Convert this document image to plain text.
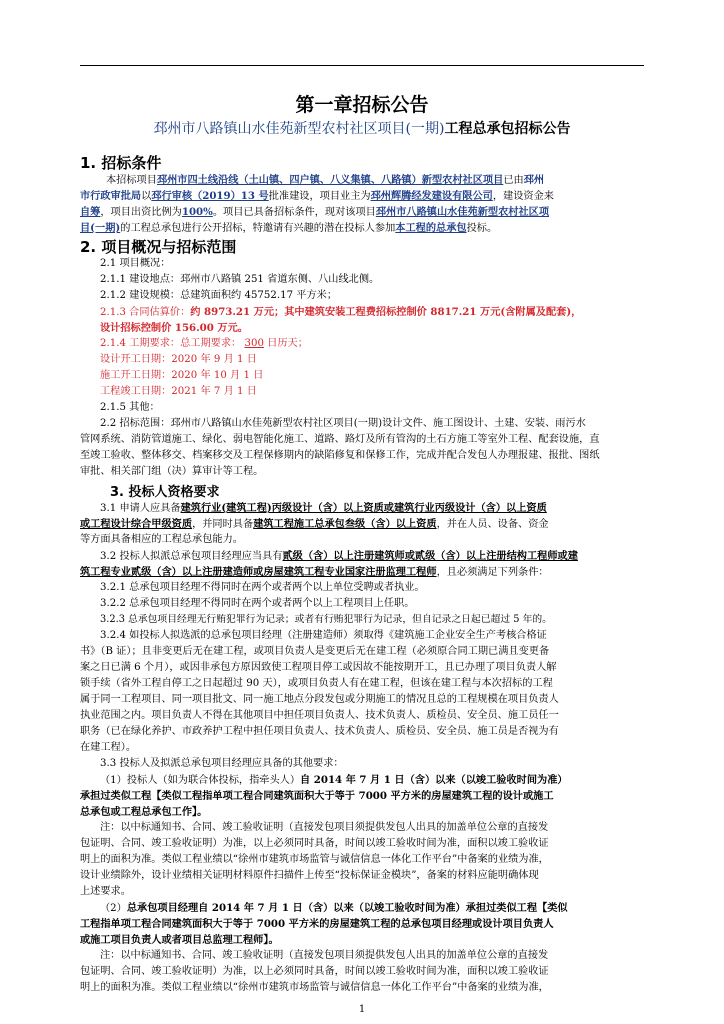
第一章招标公告
邳州市八路镇山水佳苑新型农村社区项目(一期)工程总承包招标公告
1. 招标条件
本招标项目邳州市四土线沿线（土山镇、四户镇、八义集镇、八路镇）新型农村社区项目已由邳州
市行政审批局以邳行审核（2019）13 号批准建设，项目业主为邳州辉腾经发建设有限公司，建设资金来
自筹，项目出资比例为100%。项目已具备招标条件，现对该项目邳州市八路镇山水佳苑新型农村社区项
目(一期)的工程总承包进行公开招标，特邀请有兴趣的潜在投标人参加本工程的总承包投标。
2. 项目概况与招标范围
2.1 项目概况：
2.1.1 建设地点：邳州市八路镇 251 省道东侧、八山线北侧。
2.1.2 建设规模：总建筑面积约 45752.17 平方米；
2.1.3 合同估算价：约 8973.21 万元；其中建筑安装工程费招标控制价 8817.21 万元(含附属及配套)，
设计招标控制价 156.00 万元。
2.1.4 工期要求：总工期要求： 300 日历天；
设计开工日期：2020 年 9 月 1 日
施工开工日期：2020 年 10 月 1 日
工程竣工日期：2021 年 7 月 1 日
2.1.5 其他：
2.2 招标范围：邳州市八路镇山水佳苑新型农村社区项目(一期)设计文件、施工图设计、土建、安装、雨污水
管网系统、消防管道施工、绿化、弱电智能化施工、道路、路灯及所有管沟的土石方施工等室外工程、配套设施，直
至竣工验收、整体移交、档案移交及工程保修期内的缺陷修复和保修工作，完成并配合发包人办理报建、报批、图纸
审批、相关部门组（决）算审计等工程。
3. 投标人资格要求
3.1 申请人应具备建筑行业(建筑工程)丙级设计（含）以上资质或建筑行业丙级设计（含）以上资质
或工程设计综合甲级资质，并同时具备建筑工程施工总承包叁级（含）以上资质，并在人员、设备、资金
等方面具备相应的工程总承包能力。
3.2 投标人拟派总承包项目经理应当具有贰级（含）以上注册建筑师或贰级（含）以上注册结构工程师或建
筑工程专业贰级（含）以上注册建造师或房屋建筑工程专业国家注册监理工程师，且必须满足下列条件：
3.2.1 总承包项目经理不得同时在两个或者两个以上单位受聘或者执业。
3.2.2 总承包项目经理不得同时在两个或者两个以上工程项目上任职。
3.2.3 总承包项目经理无行贿犯罪行为记录；或者有行贿犯罪行为记录，但自记录之日起已超过 5 年的。
3.2.4 如投标人拟选派的总承包项目经理（注册建造师）须取得《建筑施工企业安全生产考核合格证
书》（B 证）；且非变更后无在建工程，或项目负责人是变更后无在建工程（必须原合同工期已满且变更备
案之日已满 6 个月），或因非承包方原因致使工程项目停工或因故不能按期开工，且已办理了项目负责人解
锁手续（省外工程自停工之日起超过 90 天），或项目负责人有在建工程，但该在建工程与本次招标的工程
属于同一工程项目、同一项目批文、同一施工地点分段发包或分期施工的情况且总的工程规模在项目负责人
执业范围之内。项目负责人不得在其他项目中担任项目负责人、技术负责人、质检员、安全员、施工员任一
职务（已在绿化养护、市政养护工程中担任项目负责人、技术负责人、质检员、安全员、施工员是否视为有
在建工程）。
3.3 投标人及拟派总承包项目经理应具备的其他要求：
（1）投标人（如为联合体投标，指牵头人）自 2014 年 7 月 1 日（含）以来（以竣工验收时间为准）
承担过类似工程【类似工程指单项工程合同建筑面积大于等于 7000 平方米的房屋建筑工程的设计或施工
总承包或工程总承包工作】。
注：以中标通知书、合同、竣工验收证明（直接发包项目须提供发包人出具的加盖单位公章的直接发
包证明、合同、竣工验收证明）为准，以上必须同时具备，时间以竣工验收时间为准，面积以竣工验收证
明上的面积为准。类似工程业绩以“徐州市建筑市场监管与诚信信息一体化工作平台”中备案的业绩为准，
设计业绩除外，设计业绩相关证明材料原件扫描件上传至“投标保证金模块”，备案的材料应能明确体现
上述要求。
（2）总承包项目经理自 2014 年 7 月 1 日（含）以来（以竣工验收时间为准）承担过类似工程【类似
工程指单项工程合同建筑面积大于等于 7000 平方米的房屋建筑工程的总承包项目经理或设计项目负责人
或施工项目负责人或者项目总监理工程师】。
注：以中标通知书、合同、竣工验收证明（直接发包项目须提供发包人出具的加盖单位公章的直接发
包证明、合同、竣工验收证明）为准，以上必须同时具备，时间以竣工验收时间为准，面积以竣工验收证
明上的面积为准。类似工程业绩以“徐州市建筑市场监管与诚信信息一体化工作平台”中备案的业绩为准，
1
